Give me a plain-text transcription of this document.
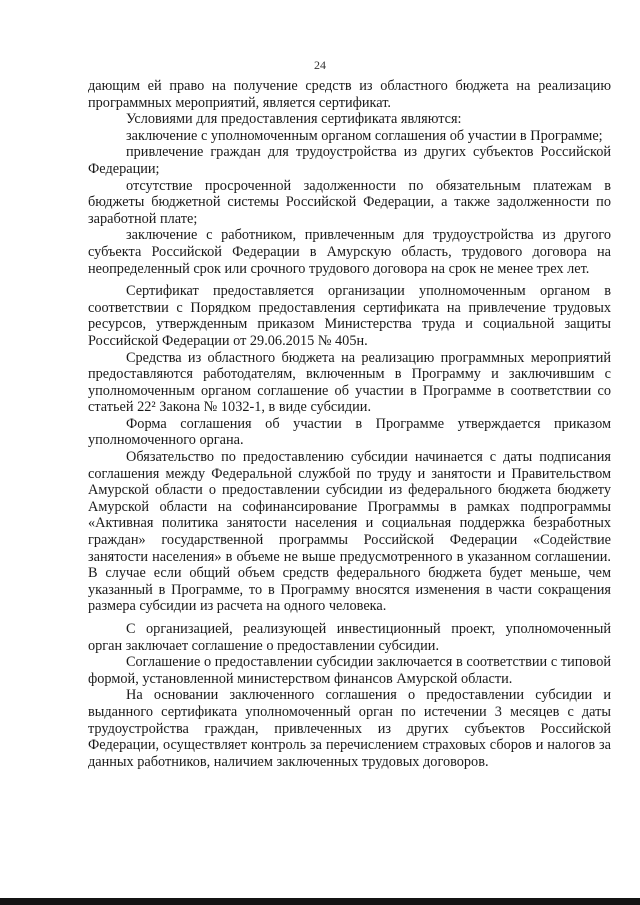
24

дающим ей право на получение средств из областного бюджета на реализацию программных мероприятий, является сертификат.

Условиями для предоставления сертификата являются:

заключение с уполномоченным органом соглашения об участии в Программе;

привлечение граждан для трудоустройства из других субъектов Российской Федерации;

отсутствие просроченной задолженности по обязательным платежам в бюджеты бюджетной системы Российской Федерации, а также задолженности по заработной плате;

заключение с работником, привлеченным для трудоустройства из другого субъекта Российской Федерации в Амурскую область, трудового договора на неопределенный срок или срочного трудового договора на срок не менее трех лет.

Сертификат предоставляется организации уполномоченным органом в соответствии с Порядком предоставления сертификата на привлечение трудовых ресурсов, утвержденным приказом Министерства труда и социальной защиты Российской Федерации от 29.06.2015 № 405н.

Средства из областного бюджета на реализацию программных мероприятий предоставляются работодателям, включенным в Программу и заключившим с уполномоченным органом соглашение об участии в Программе в соответствии со статьей 22² Закона № 1032-1, в виде субсидии.

Форма соглашения об участии в Программе утверждается приказом уполномоченного органа.

Обязательство по предоставлению субсидии начинается с даты подписания соглашения между Федеральной службой по труду и занятости и Правительством Амурской области о предоставлении субсидии из федерального бюджета бюджету Амурской области на софинансирование Программы в рамках подпрограммы «Активная политика занятости населения и социальная поддержка безработных граждан» государственной программы Российской Федерации «Содействие занятости населения» в объеме не выше предусмотренного в указанном соглашении. В случае если общий объем средств федерального бюджета будет меньше, чем указанный в Программе, то в Программу вносятся изменения в части сокращения размера субсидии из расчета на одного человека.

С организацией, реализующей инвестиционный проект, уполномоченный орган заключает соглашение о предоставлении субсидии.

Соглашение о предоставлении субсидии заключается в соответствии с типовой формой, установленной министерством финансов Амурской области.

На основании заключенного соглашения о предоставлении субсидии и выданного сертификата уполномоченный орган по истечении 3 месяцев с даты трудоустройства граждан, привлеченных из других субъектов Российской Федерации, осуществляет контроль за перечислением страховых сборов и налогов за данных работников, наличием заключенных трудовых договоров.
